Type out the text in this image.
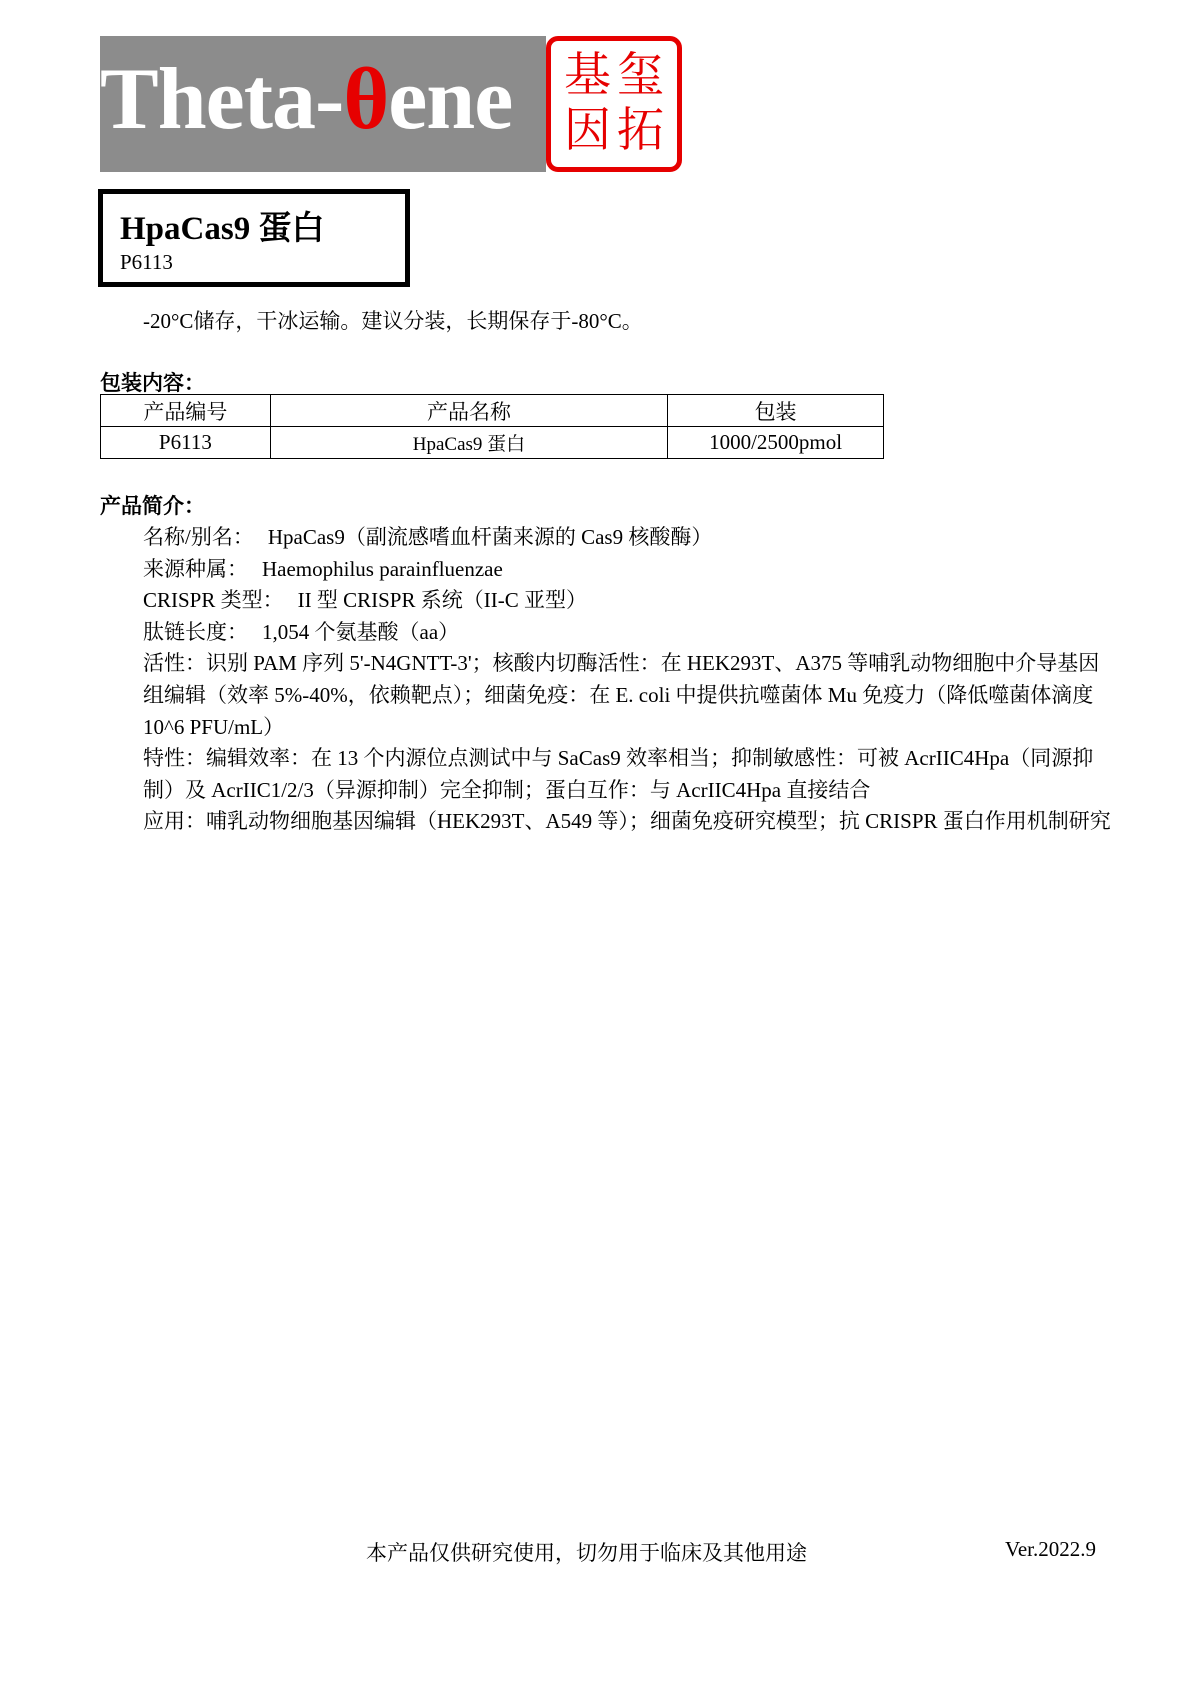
Theta-θene 基 玺
因 拓
HpaCas9 蛋白
P6113
-20°C储存，干冰运输。建议分装，长期保存于-80°C。
包装内容：
产品编号	产品名称	包装
P6113	HpaCas9 蛋白	1000/2500pmol
产品简介：

名称/别名： HpaCas9（副流感嗜血杆菌来源的 Cas9 核酸酶）

来源种属： Haemophilus parainfluenzae

CRISPR 类型： II 型 CRISPR 系统（II-C 亚型）

肽链长度： 1,054 个氨基酸（aa）

活性：识别 PAM 序列 5'-N4GNTT-3'；核酸内切酶活性：在 HEK293T、A375 等哺乳动物细胞中介导基因组编辑（效率 5%-40%，依赖靶点）；细菌免疫：在 E. coli 中提供抗噬菌体 Mu 免疫力（降低噬菌体滴度 10^6 PFU/mL）

特性：编辑效率：在 13 个内源位点测试中与 SaCas9 效率相当；抑制敏感性：可被 AcrIIC4Hpa（同源抑制）及 AcrIIC1/2/3（异源抑制）完全抑制；蛋白互作：与 AcrIIC4Hpa 直接结合

应用：哺乳动物细胞基因编辑（HEK293T、A549 等）；细菌免疫研究模型；抗 CRISPR 蛋白作用机制研究

本产品仅供研究使用，切勿用于临床及其他用途	Ver.2022.9
